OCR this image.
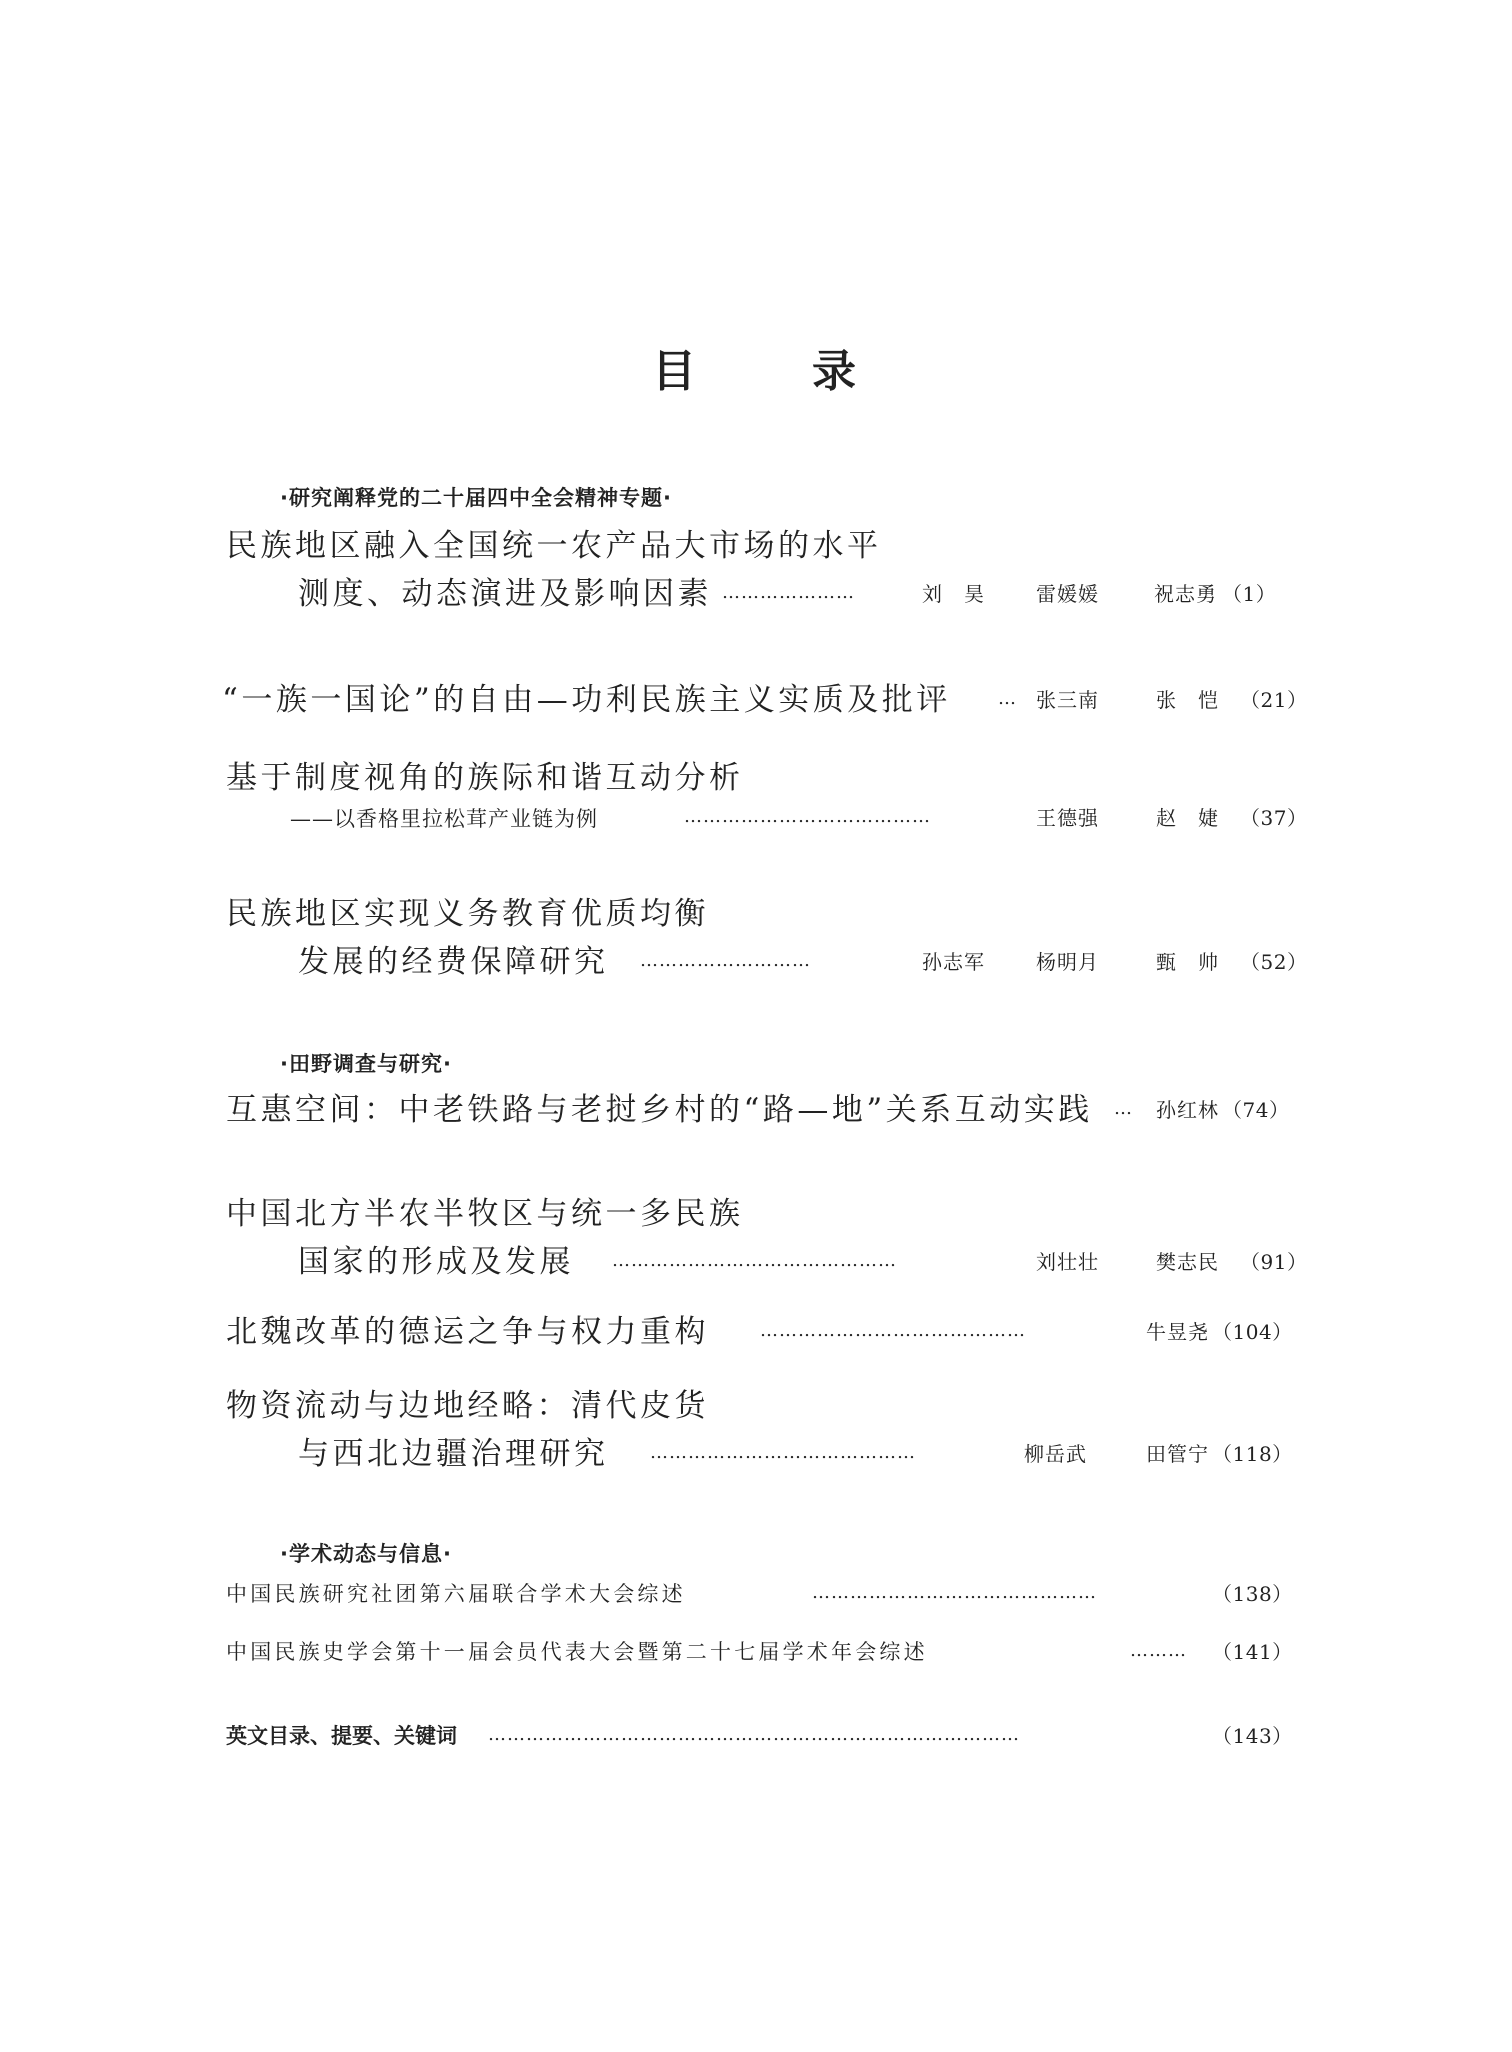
目	录
·研究阐释党的二十届四中全会精神专题·
民族地区融入全国统一农产品大市场的水平
测度、动态演进及影响因素 …………………	刘　昊	雷媛媛	祝志勇 （1）
“一族一国论”的自由—功利民族主义实质及批评	… 张三南	张　恺 （21）
基于制度视角的族际和谐互动分析
——以香格里拉松茸产业链为例	…………………………………	王德强	赵　婕 （37）
民族地区实现义务教育优质均衡
发展的经费保障研究 ………………………	孙志军	杨明月	甄　帅 （52）
·田野调查与研究·
互惠空间：中老铁路与老挝乡村的“路—地”关系互动实践 …	孙红林 （74）
中国北方半农半牧区与统一多民族
国家的形成及发展 ………………………………………	刘壮壮	樊志民 （91）
北魏改革的德运之争与权力重构	……………………………………	牛昱尧 （104）
物资流动与边地经略：清代皮货
与西北边疆治理研究 ……………………………………	柳岳武	田管宁 （118）
·学术动态与信息·
中国民族研究社团第六届联合学术大会综述	………………………………………	（138）
中国民族史学会第十一届会员代表大会暨第二十七届学术年会综述	………	（141）
英文目录、提要、关键词 …………………………………………………………………………	（143）
